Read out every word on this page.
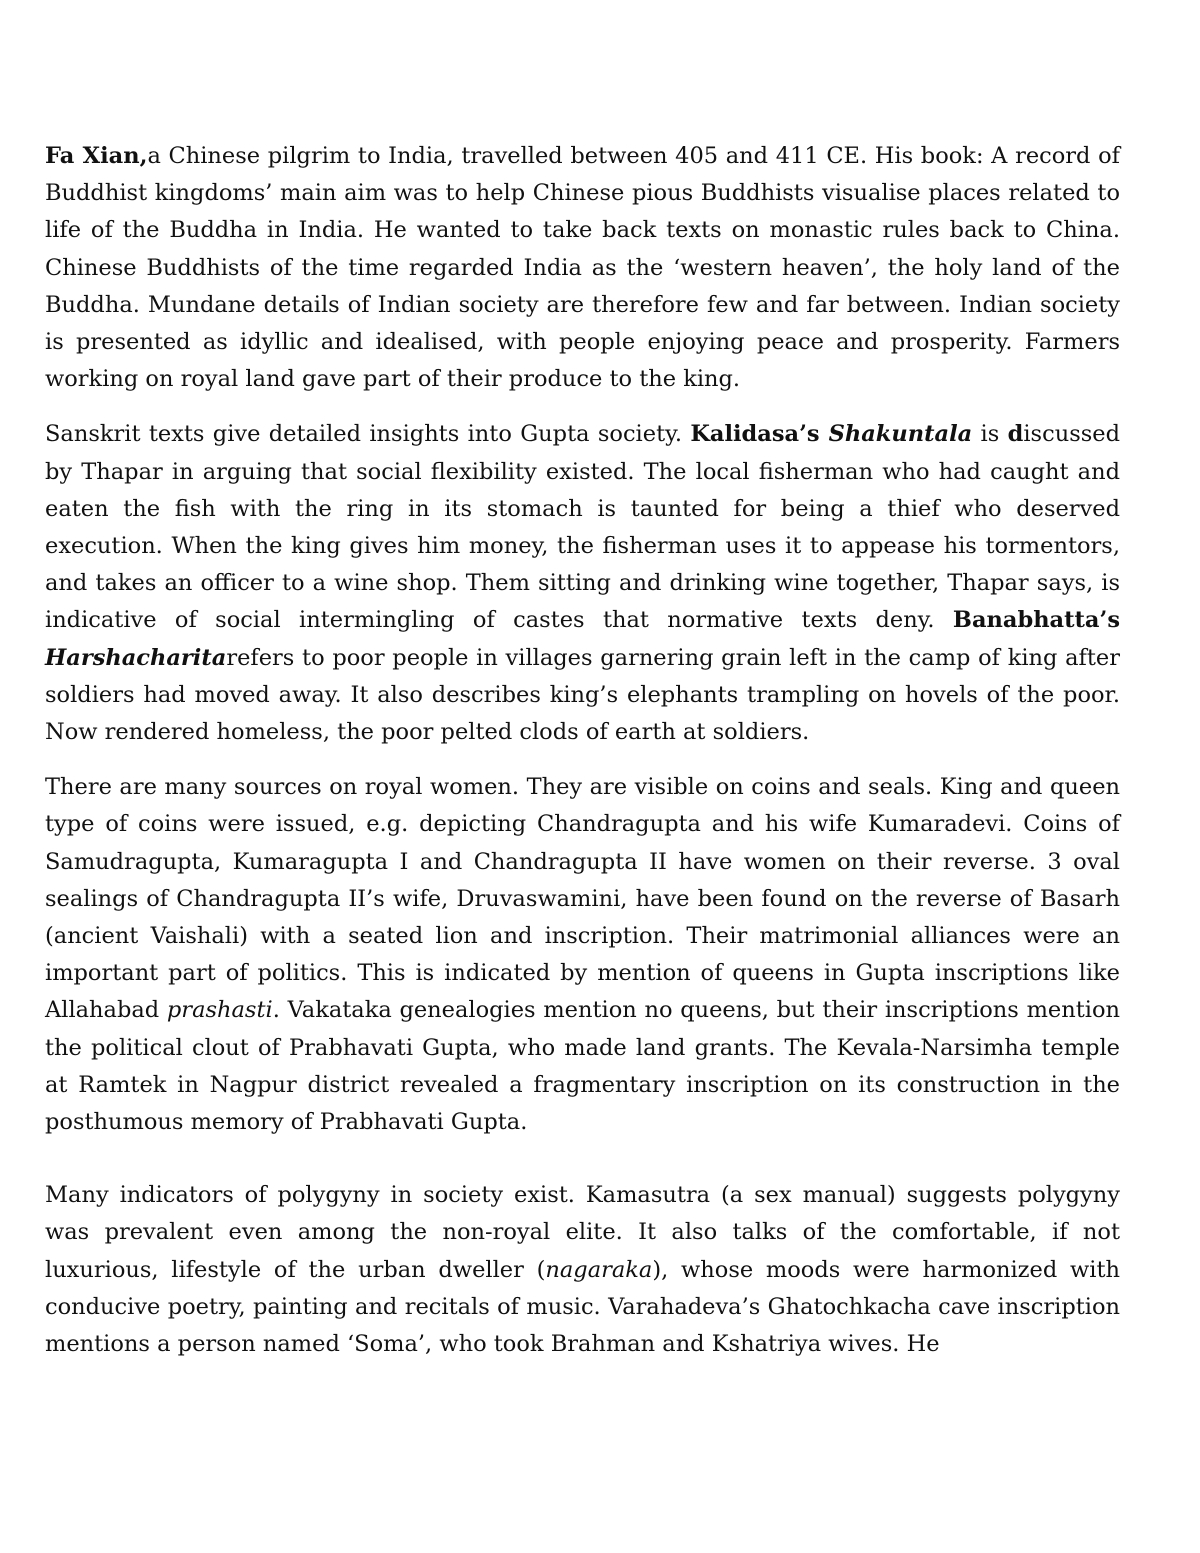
Fa Xian,a Chinese pilgrim to India, travelled between 405 and 411 CE. His book: A record of Buddhist kingdoms’ main aim was to help Chinese pious Buddhists visualise places related to life of the Buddha in India. He wanted to take back texts on monastic rules back to China. Chinese Buddhists of the time regarded India as the ‘western heaven’, the holy land of the Buddha. Mundane details of Indian society are therefore few and far between. Indian society is presented as idyllic and idealised, with people enjoying peace and prosperity. Farmers working on royal land gave part of their produce to the king.

Sanskrit texts give detailed insights into Gupta society. Kalidasa’s Shakuntala is discussed by Thapar in arguing that social flexibility existed. The local fisherman who had caught and eaten the fish with the ring in its stomach is taunted for being a thief who deserved execution. When the king gives him money, the fisherman uses it to appease his tormentors, and takes an officer to a wine shop. Them sitting and drinking wine together, Thapar says, is indicative of social intermingling of castes that normative texts deny. Banabhatta’s Harshacharitarefers to poor people in villages garnering grain left in the camp of king after soldiers had moved away. It also describes king’s elephants trampling on hovels of the poor. Now rendered homeless, the poor pelted clods of earth at soldiers.

There are many sources on royal women. They are visible on coins and seals. King and queen type of coins were issued, e.g. depicting Chandragupta and his wife Kumaradevi. Coins of Samudragupta, Kumaragupta I and Chandragupta II have women on their reverse. 3 oval sealings of Chandragupta II’s wife, Druvaswamini, have been found on the reverse of Basarh (ancient Vaishali) with a seated lion and inscription. Their matrimonial alliances were an important part of politics. This is indicated by mention of queens in Gupta inscriptions like Allahabad prashasti. Vakataka genealogies mention no queens, but their inscriptions mention the political clout of Prabhavati Gupta, who made land grants. The Kevala-Narsimha temple at Ramtek in Nagpur district revealed a fragmentary inscription on its construction in the posthumous memory of Prabhavati Gupta.

Many indicators of polygyny in society exist. Kamasutra (a sex manual) suggests polygyny was prevalent even among the non-royal elite. It also talks of the comfortable, if not luxurious, lifestyle of the urban dweller (nagaraka), whose moods were harmonized with conducive poetry, painting and recitals of music. Varahadeva’s Ghatochkacha cave inscription mentions a person named ‘Soma’, who took Brahman and Kshatriya wives. He
